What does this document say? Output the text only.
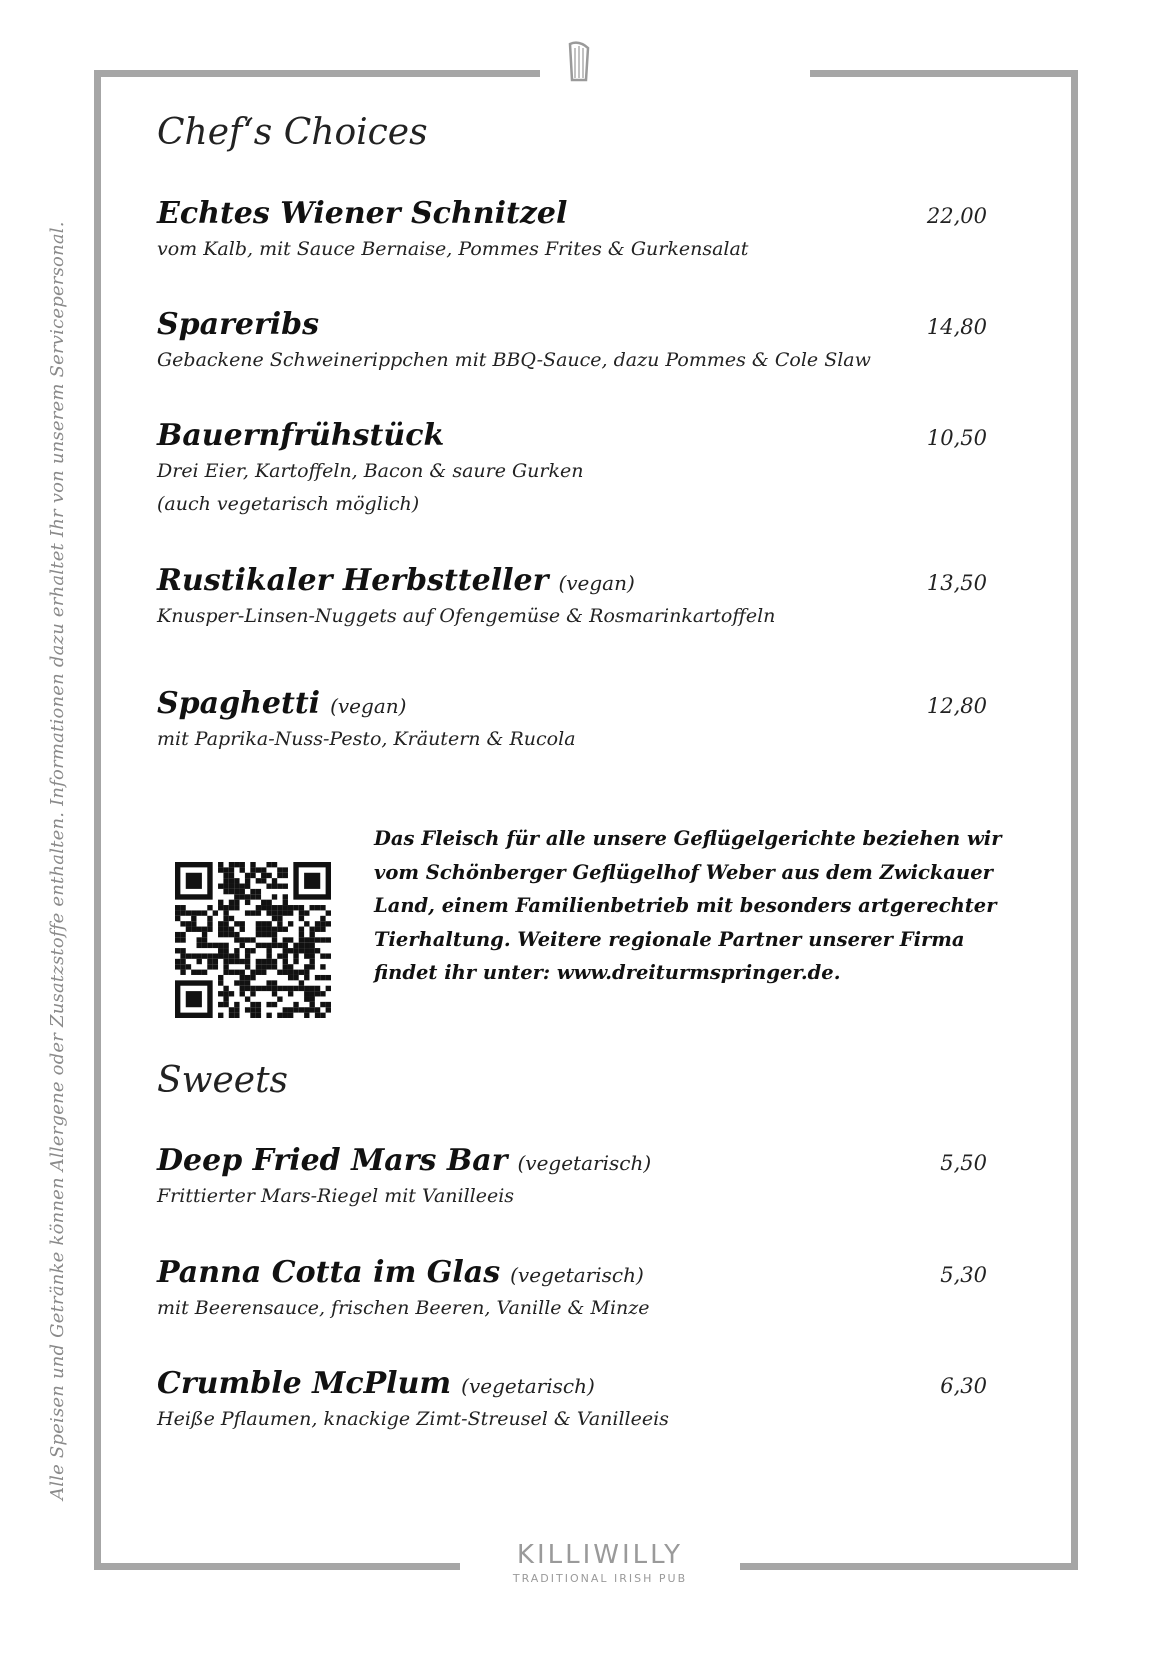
Alle Speisen und Getränke können Allergene oder Zusatzstoffe enthalten. Informationen dazu erhaltet Ihr von unserem Servicepersonal.
Chef‘s Choices
Echtes Wiener Schnitzel	22,00
vom Kalb, mit Sauce Bernaise, Pommes Frites & Gurkensalat
Spareribs	14,80
Gebackene Schweinerippchen mit BBQ-Sauce, dazu Pommes & Cole Slaw
Bauernfrühstück	10,50
Drei Eier, Kartoffeln, Bacon & saure Gurken
(auch vegetarisch möglich)
Rustikaler Herbstteller (vegan)	13,50
Knusper-Linsen-Nuggets auf Ofengemüse & Rosmarinkartoffeln
Spaghetti (vegan)	12,80
mit Paprika-Nuss-Pesto, Kräutern & Rucola
Das Fleisch für alle unsere Geflügelgerichte beziehen wir vom Schönberger Geflügelhof Weber aus dem Zwickauer Land, einem Familienbetrieb mit besonders artgerechter Tierhaltung. Weitere regionale Partner unserer Firma findet ihr unter: www.dreiturmspringer.de.
Sweets
Deep Fried Mars Bar (vegetarisch)	5,50
Frittierter Mars-Riegel mit Vanilleeis
Panna Cotta im Glas (vegetarisch)	5,30
mit Beerensauce, frischen Beeren, Vanille & Minze
Crumble McPlum (vegetarisch)	6,30
Heiße Pflaumen, knackige Zimt-Streusel & Vanilleeis
KILLIWILLY
TRADITIONAL IRISH PUB
